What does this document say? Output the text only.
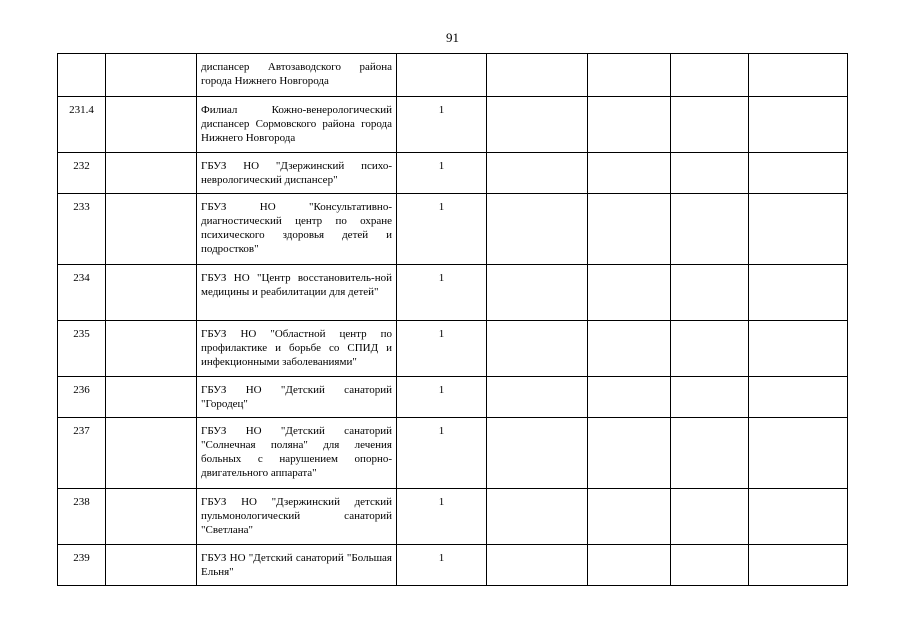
91
		диспансер Автозаводского района города Нижнего Новгорода					
231.4		Филиал Кожно-венерологический диспансер Сормовского района города Нижнего Новгорода	1				
232		ГБУЗ НО "Дзержинский психо-неврологический диспансер"	1				
233		ГБУЗ НО "Консультативно-диагностический центр по охране психического здоровья детей и подростков"	1				
234		ГБУЗ НО "Центр восстановитель-ной медицины и реабилитации для детей"	1				
235		ГБУЗ НО "Областной центр по профилактике и борьбе со СПИД и инфекционными заболеваниями"	1				
236		ГБУЗ НО "Детский санаторий "Городец"	1				
237		ГБУЗ НО "Детский санаторий "Солнечная поляна" для лечения больных с нарушением опорно-двигательного аппарата"	1				
238		ГБУЗ НО "Дзержинский детский пульмонологический санаторий "Светлана"	1				
239		ГБУЗ НО "Детский санаторий "Большая Ельня"	1				
